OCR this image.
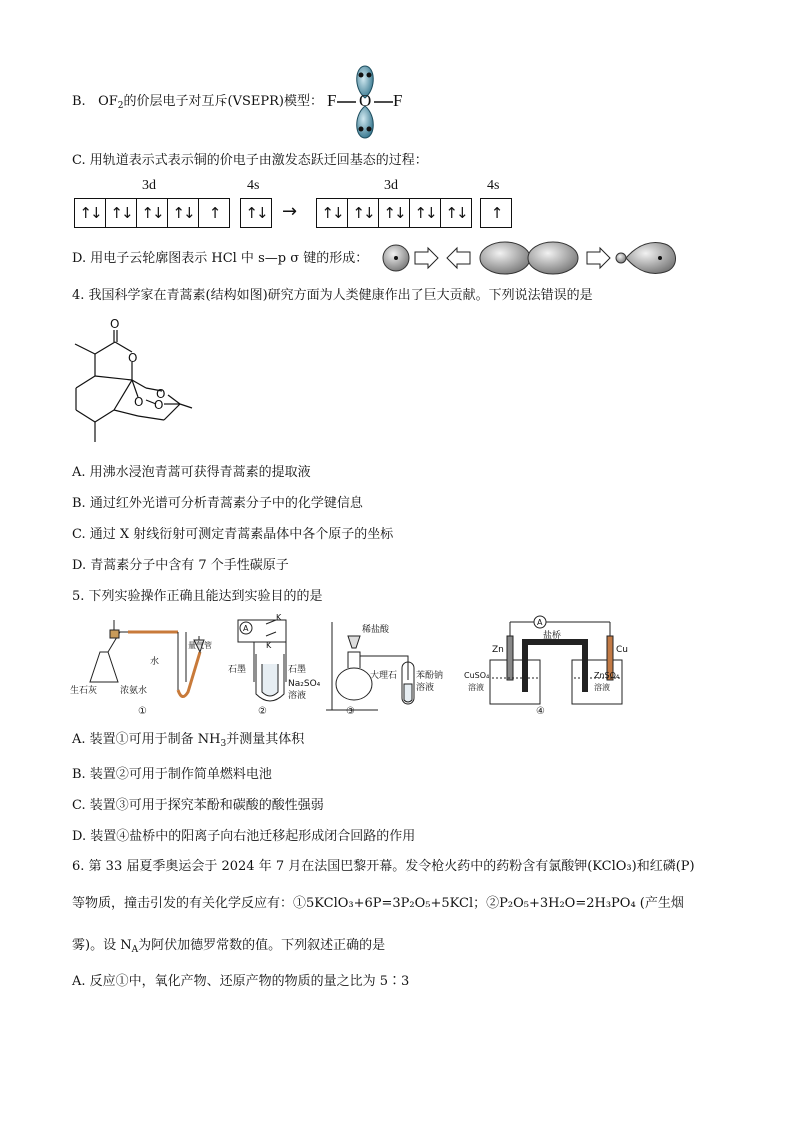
B. $OF_2$的价层电子对互斥(VSEPR)模型： F O F
C. 用轨道表示式表示铜的价电子由激发态跃迁回基态的过程：
3d	4s	3d	4s
↑↓ ↑↓ ↑↓ ↑↓	↑	↑↓ → ↑↓ ↑↓ ↑↓ ↑↓ ↑↓	↑
D. 用电子云轮廓图表示 HCl 中 s—p σ 键的形成：
4. 我国科学家在青蒿素(结构如图)研究方面为人类健康作出了巨大贡献。下列说法错误的是
O
O
O
O
O
A. 用沸水浸泡青蒿可获得青蒿素的提取液
B. 通过红外光谱可分析青蒿素分子中的化学键信息
C. 通过 X 射线衍射可测定青蒿素晶体中各个原子的坐标
D. 青蒿素分子中含有 7 个手性碳原子
5. 下列实验操作正确且能达到实验目的的是
生石灰	浓氨水
水
量气管
①
A
K
K
石墨	石墨
Na₂SO₄
溶液
②
稀盐酸
大理石 苯酚钠
溶液
③
A
盐桥
Zn	Cu
CuSO₄
溶液
ZnSO₄
溶液
④
A. 装置①可用于制备 $NH_3$并测量其体积
B. 装置②可用于制作简单燃料电池
C. 装置③可用于探究苯酚和碳酸的酸性强弱
D. 装置④盐桥中的阳离子向右池迁移起形成闭合回路的作用
6. 第 33 届夏季奥运会于 2024 年 7 月在法国巴黎开幕。发令枪火药中的药粉含有氯酸钾(KClO₃)和红磷(P)
等物质，撞击引发的有关化学反应有：①5KClO₃+6P=3P₂O₅+5KCl；②P₂O₅+3H₂O=2H₃PO₄ (产生烟
雾)。设 $N_A$为阿伏加德罗常数的值。下列叙述正确的是
A. 反应①中，氧化产物、还原产物的物质的量之比为 5∶3
